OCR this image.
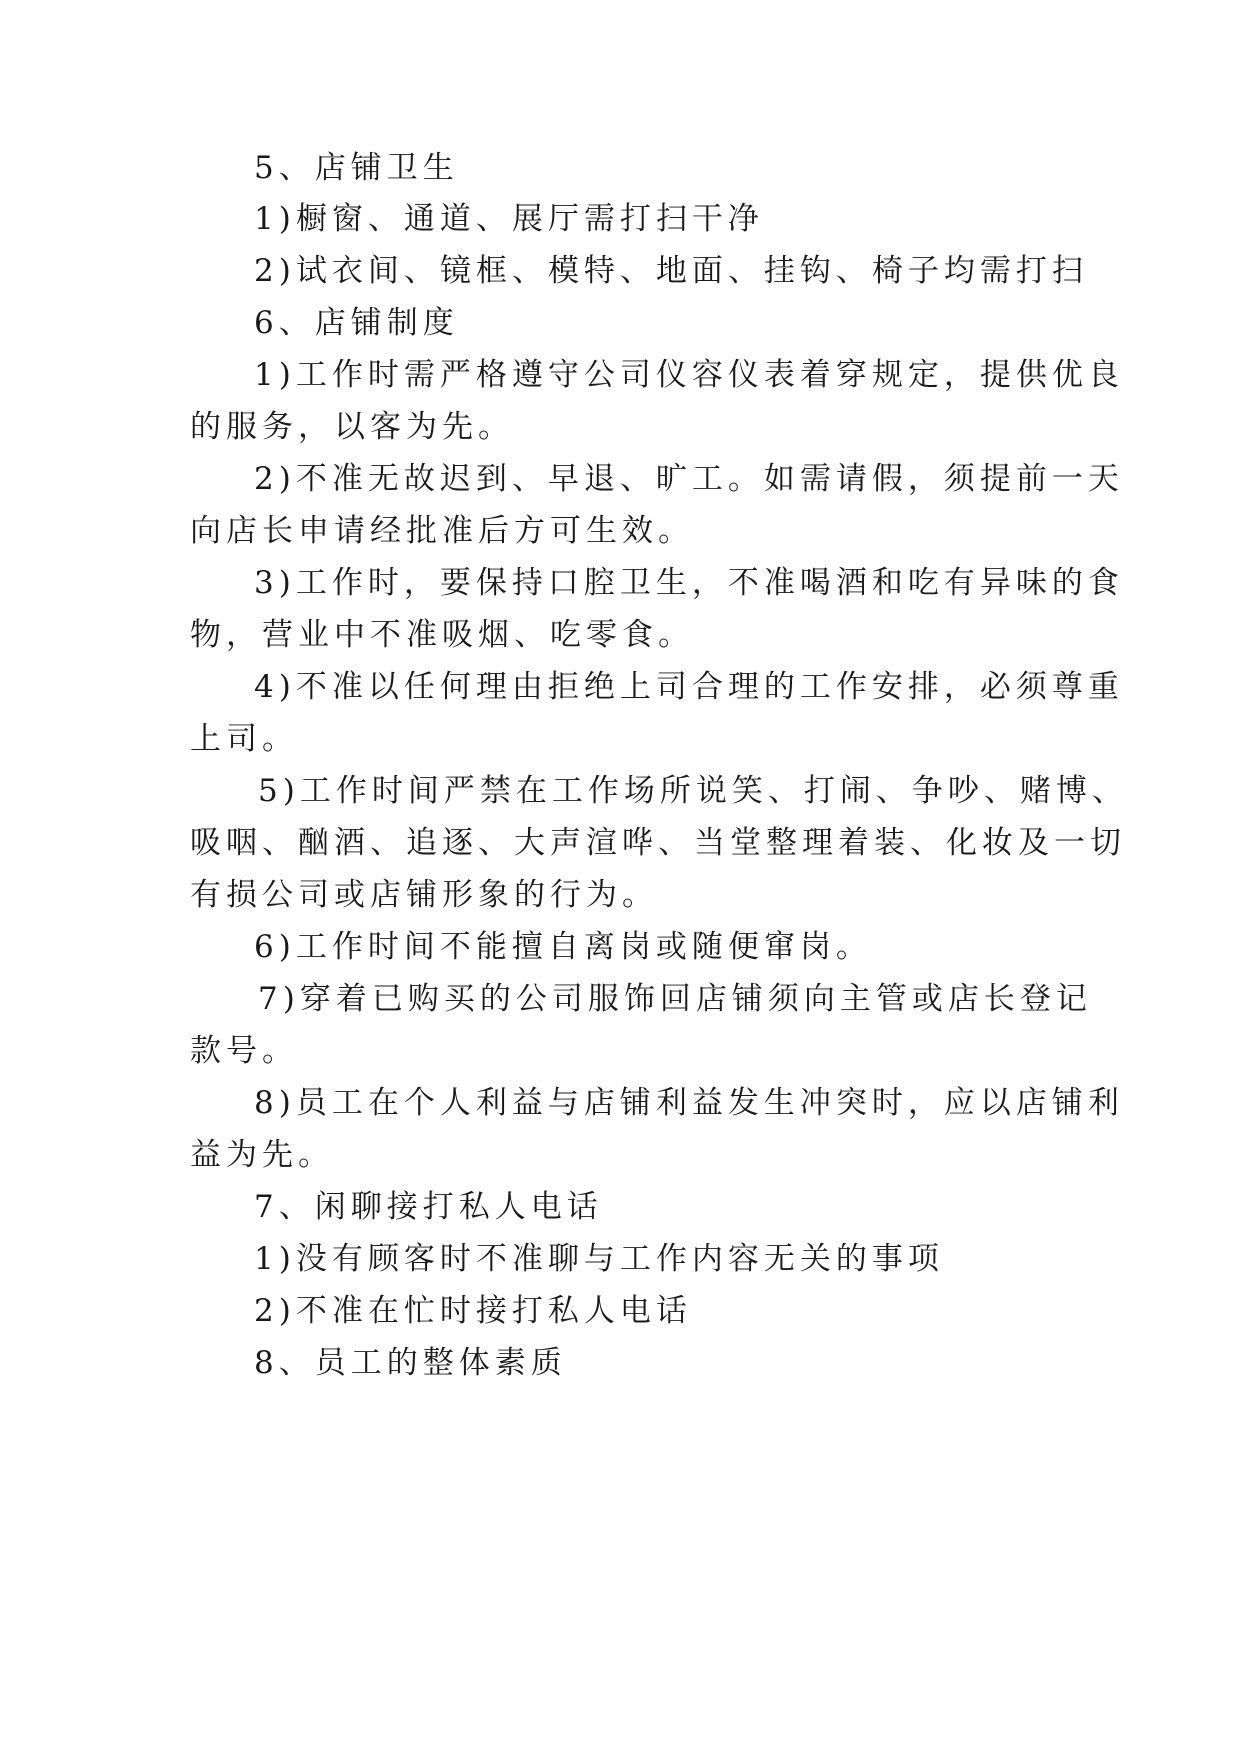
5、店铺卫生
1)橱窗、通道、展厅需打扫干净
2)试衣间、镜框、模特、地面、挂钩、椅子均需打扫
6、店铺制度
1)工作时需严格遵守公司仪容仪表着穿规定，提供优良
的服务，以客为先。
2)不准无故迟到、早退、旷工。如需请假，须提前一天
向店长申请经批准后方可生效。
3)工作时，要保持口腔卫生，不准喝酒和吃有异味的食
物，营业中不准吸烟、吃零食。
4)不准以任何理由拒绝上司合理的工作安排，必须尊重
上司。
5)工作时间严禁在工作场所说笑、打闹、争吵、赌博、
吸咽、酗酒、追逐、大声渲哗、当堂整理着装、化妆及一切
有损公司或店铺形象的行为。
6)工作时间不能擅自离岗或随便窜岗。
7)穿着已购买的公司服饰回店铺须向主管或店长登记
款号。
8)员工在个人利益与店铺利益发生冲突时，应以店铺利
益为先。
7、闲聊接打私人电话
1)没有顾客时不准聊与工作内容无关的事项
2)不准在忙时接打私人电话
8、员工的整体素质
